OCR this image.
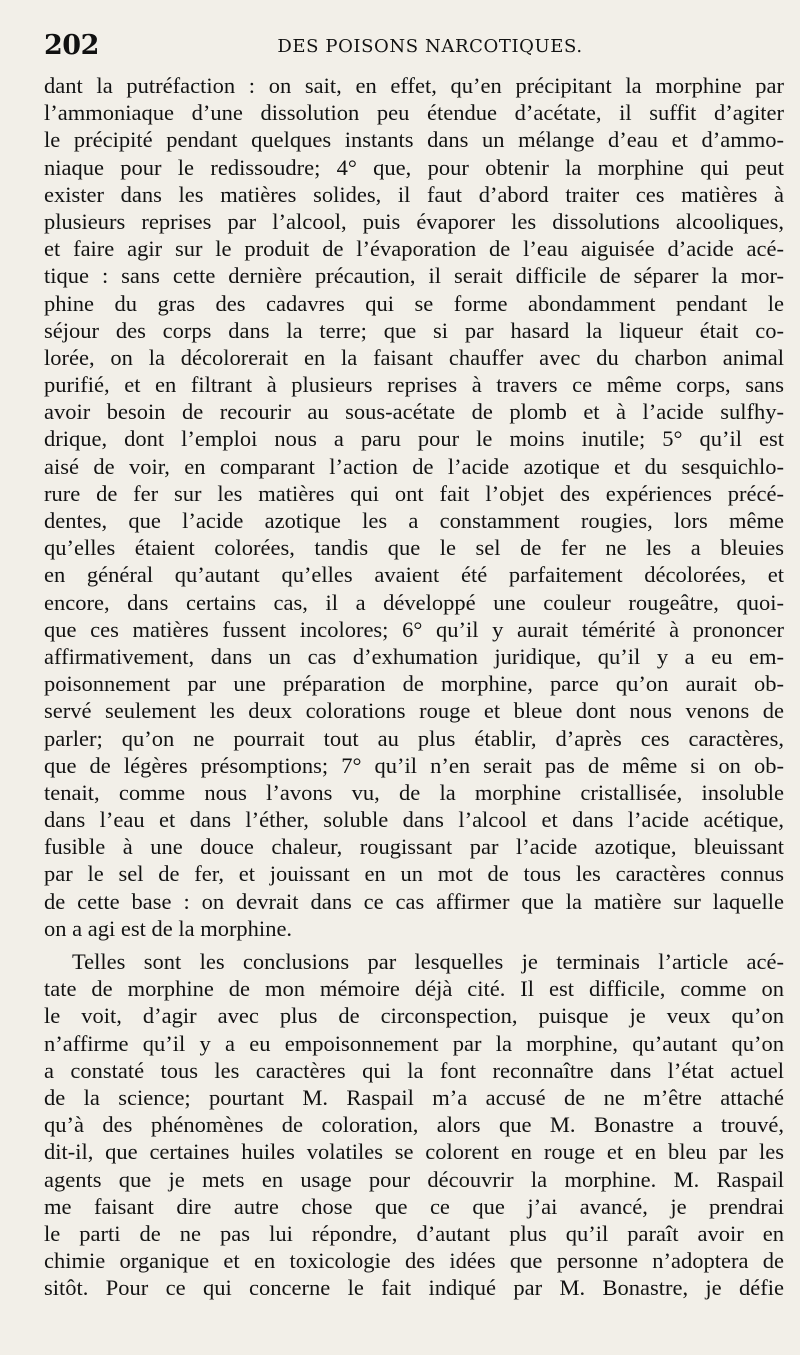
202	DES POISONS NARCOTIQUES.
dant la putréfaction : on sait, en effet, qu’en précipitant la morphine par
l’ammoniaque d’une dissolution peu étendue d’acétate, il suffit d’agiter
le précipité pendant quelques instants dans un mélange d’eau et d’ammo-
niaque pour le redissoudre; 4° que, pour obtenir la morphine qui peut
exister dans les matières solides, il faut d’abord traiter ces matières à
plusieurs reprises par l’alcool, puis évaporer les dissolutions alcooliques,
et faire agir sur le produit de l’évaporation de l’eau aiguisée d’acide acé-
tique : sans cette dernière précaution, il serait difficile de séparer la mor-
phine du gras des cadavres qui se forme abondamment pendant le
séjour des corps dans la terre; que si par hasard la liqueur était co-
lorée, on la décolorerait en la faisant chauffer avec du charbon animal
purifié, et en filtrant à plusieurs reprises à travers ce même corps, sans
avoir besoin de recourir au sous-acétate de plomb et à l’acide sulfhy-
drique, dont l’emploi nous a paru pour le moins inutile; 5° qu’il est
aisé de voir, en comparant l’action de l’acide azotique et du sesquichlo-
rure de fer sur les matières qui ont fait l’objet des expériences précé-
dentes, que l’acide azotique les a constamment rougies, lors même
qu’elles étaient colorées, tandis que le sel de fer ne les a bleuies
en général qu’autant qu’elles avaient été parfaitement décolorées, et
encore, dans certains cas, il a développé une couleur rougeâtre, quoi-
que ces matières fussent incolores; 6° qu’il y aurait témérité à prononcer
affirmativement, dans un cas d’exhumation juridique, qu’il y a eu em-
poisonnement par une préparation de morphine, parce qu’on aurait ob-
servé seulement les deux colorations rouge et bleue dont nous venons de
parler; qu’on ne pourrait tout au plus établir, d’après ces caractères,
que de légères présomptions; 7° qu’il n’en serait pas de même si on ob-
tenait, comme nous l’avons vu, de la morphine cristallisée, insoluble
dans l’eau et dans l’éther, soluble dans l’alcool et dans l’acide acétique,
fusible à une douce chaleur, rougissant par l’acide azotique, bleuissant
par le sel de fer, et jouissant en un mot de tous les caractères connus
de cette base : on devrait dans ce cas affirmer que la matière sur laquelle
on a agi est de la morphine.
Telles sont les conclusions par lesquelles je terminais l’article acé-
tate de morphine de mon mémoire déjà cité. Il est difficile, comme on
le voit, d’agir avec plus de circonspection, puisque je veux qu’on
n’affirme qu’il y a eu empoisonnement par la morphine, qu’autant qu’on
a constaté tous les caractères qui la font reconnaître dans l’état actuel
de la science; pourtant M. Raspail m’a accusé de ne m’être attaché
qu’à des phénomènes de coloration, alors que M. Bonastre a trouvé,
dit-il, que certaines huiles volatiles se colorent en rouge et en bleu par les
agents que je mets en usage pour découvrir la morphine. M. Raspail
me faisant dire autre chose que ce que j’ai avancé, je prendrai
le parti de ne pas lui répondre, d’autant plus qu’il paraît avoir en
chimie organique et en toxicologie des idées que personne n’adoptera de
sitôt. Pour ce qui concerne le fait indiqué par M. Bonastre, je défie
